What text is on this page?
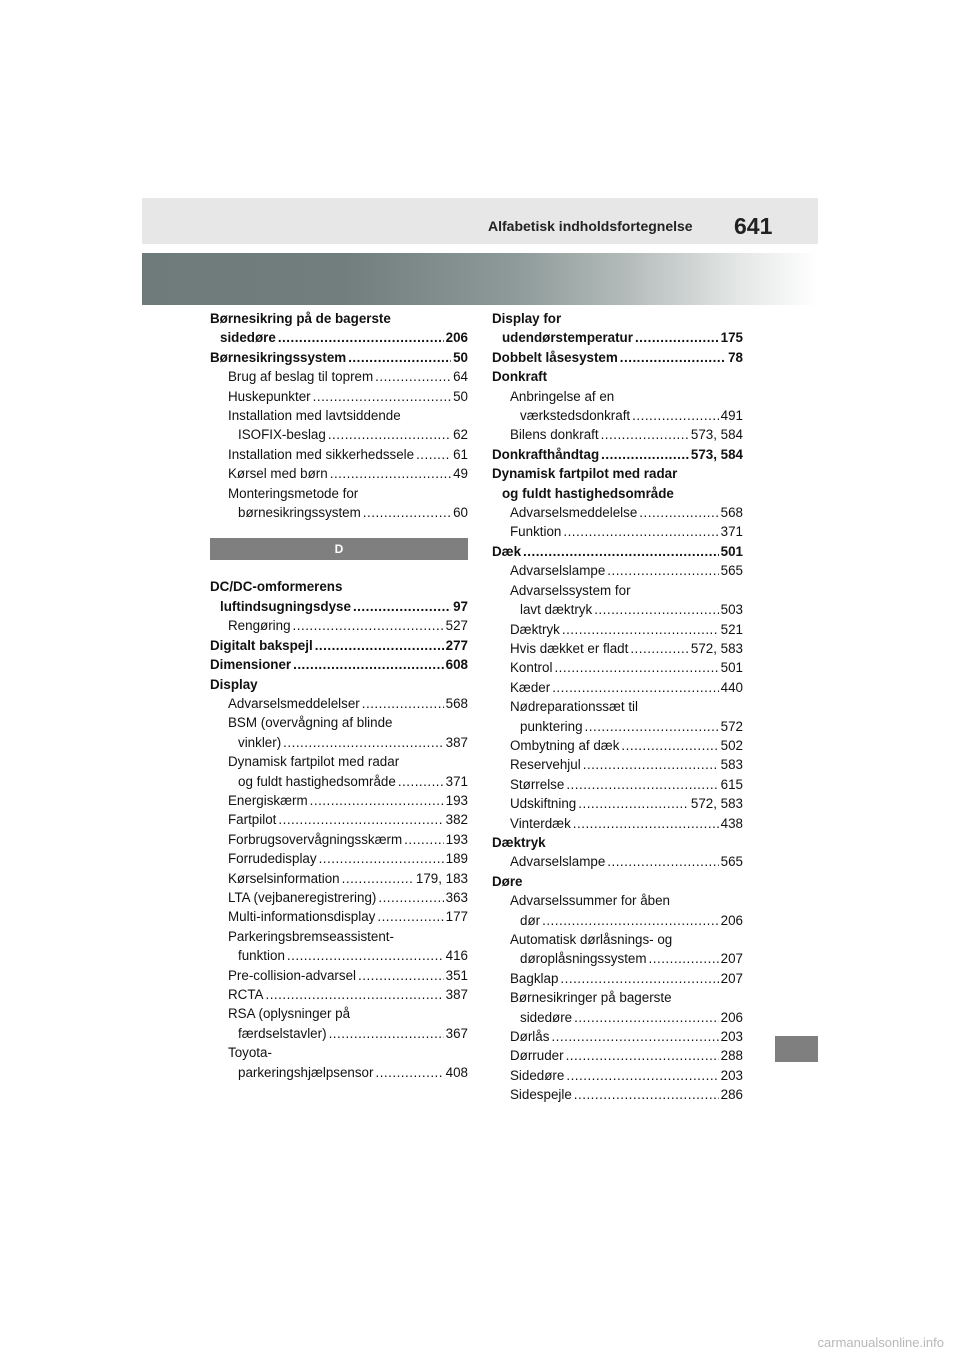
Alfabetisk indholdsfortegnelse 641
Børnesikring på de bagerste
sidedøre .....	206
Børnesikringssystem .....	50
Brug af beslag til toprem .....	64
Huskepunkter .....	50
Installation med lavtsiddende
ISOFIX-beslag .....	62
Installation med sikkerhedssele .....	61
Kørsel med børn .....	49
Monteringsmetode for
børnesikringssystem .....	60
D
DC/DC-omformerens
luftindsugningsdyse .....	97
Rengøring .....	527
Digitalt bakspejl .....	277
Dimensioner .....	608
Display
Advarselsmeddelelser .....	568
BSM (overvågning af blinde
vinkler) .....	387
Dynamisk fartpilot med radar
og fuldt hastighedsområde .....	371
Energiskærm .....	193
Fartpilot .....	382
Forbrugsovervågningsskærm .....	193
Forrudedisplay .....	189
Kørselsinformation .....	179, 183
LTA (vejbaneregistrering) .....	363
Multi-informationsdisplay .....	177
Parkeringsbremseassistent-
funktion .....	416
Pre-collision-advarsel .....	351
RCTA .....	387
RSA (oplysninger på
færdselstavler) .....	367
Toyota-
parkeringshjælpsensor .....	408
Display for
udendørstemperatur .....	175
Dobbelt låsesystem .....	78
Donkraft
Anbringelse af en
værkstedsdonkraft .....	491
Bilens donkraft .....	573, 584
Donkrafthåndtag .....	573, 584
Dynamisk fartpilot med radar
og fuldt hastighedsområde
Advarselsmeddelelse .....	568
Funktion .....	371
Dæk .....	501
Advarselslampe .....	565
Advarselssystem for
lavt dæktryk .....	503
Dæktryk .....	521
Hvis dækket er fladt .....	572, 583
Kontrol .....	501
Kæder .....	440
Nødreparationssæt til
punktering .....	572
Ombytning af dæk .....	502
Reservehjul .....	583
Størrelse .....	615
Udskiftning .....	572, 583
Vinterdæk .....	438
Dæktryk
Advarselslampe .....	565
Døre
Advarselssummer for åben
dør .....	206
Automatisk dørlåsnings- og
døroplåsningssystem .....	207
Bagklap .....	207
Børnesikringer på bagerste
sidedøre .....	206
Dørlås .....	203
Dørruder .....	288
Sidedøre .....	203
Sidespejle .....	286
carmanualsonline.info
